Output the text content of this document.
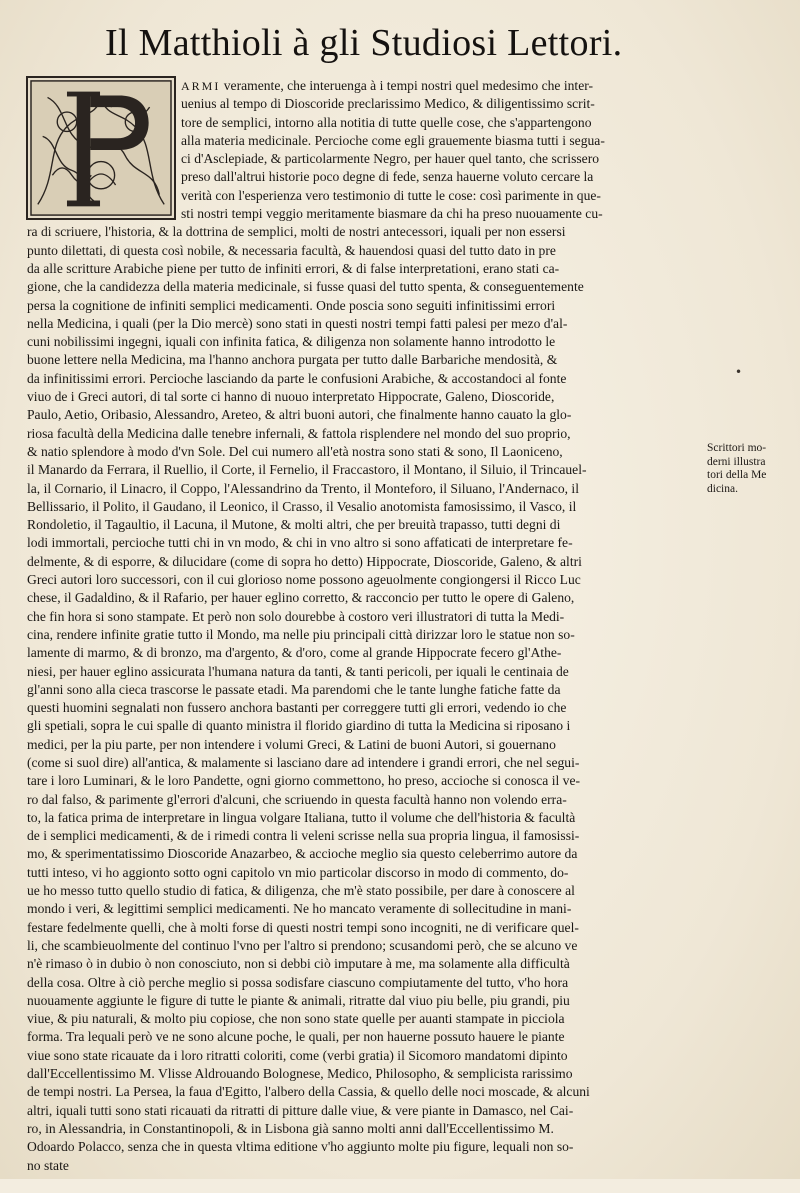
Il Matthioli à gli Studiosi Lettori.
ARMI veramente, che interuenga à i tempi nostri quel medesimo che inter-
uenius al tempo di Dioscoride preclarissimo Medico, & diligentissimo scrit-
tore de semplici, intorno alla notitia di tutte quelle cose, che s'appartengono
alla materia medicinale. Percioche come egli grauemente biasma tutti i segua-
ci d'Asclepiade, & particolarmente Negro, per hauer quel tanto, che scrissero
preso dall'altrui historie poco degne di fede, senza hauerne voluto cercare la
verità con l'esperienza vero testimonio di tutte le cose: così parimente in que-
sti nostri tempi veggio meritamente biasmare da chi ha preso nuouamente cu-
ra di scriuere, l'historia, & la dottrina de semplici, molti de nostri antecessori, iquali per non essersi
punto dilettati, di questa così nobile, & necessaria facultà, & hauendosi quasi del tutto dato in pre
da alle scritture Arabiche piene per tutto de infiniti errori, & di false interpretationi, erano stati ca-
gione, che la candidezza della materia medicinale, si fusse quasi del tutto spenta, & conseguentemente
persa la cognitione de infiniti semplici medicamenti. Onde poscia sono seguiti infinitissimi errori
nella Medicina, i quali (per la Dio mercè) sono stati in questi nostri tempi fatti palesi per mezo d'al-
cuni nobilissimi ingegni, iquali con infinita fatica, & diligenza non solamente hanno introdotto le
buone lettere nella Medicina, ma l'hanno anchora purgata per tutto dalle Barbariche mendosità, &
da infinitissimi errori. Percioche lasciando da parte le confusioni Arabiche, & accostandoci al fonte
viuo de i Greci autori, di tal sorte ci hanno di nuouo interpretato Hippocrate, Galeno, Dioscoride,
Paulo, Aetio, Oribasio, Alessandro, Areteo, & altri buoni autori, che finalmente hanno cauato la glo-
riosa facultà della Medicina dalle tenebre infernali, & fattola risplendere nel mondo del suo proprio,
& natio splendore à modo d'vn Sole. Del cui numero all'età nostra sono stati & sono, Il Laoniceno,
il Manardo da Ferrara, il Ruellio, il Corte, il Fernelio, il Fraccastoro, il Montano, il Siluio, il Trincauel-
la, il Cornario, il Linacro, il Coppo, l'Alessandrino da Trento, il Monteforo, il Siluano, l'Andernaco, il
Bellissario, il Polito, il Gaudano, il Leonico, il Crasso, il Vesalio anotomista famosissimo, il Vasco, il
Rondoletio, il Tagaultio, il Lacuna, il Mutone, & molti altri, che per breuità trapasso, tutti degni di
lodi immortali, percioche tutti chi in vn modo, & chi in vno altro si sono affaticati de interpretare fe-
delmente, & di esporre, & dilucidare (come di sopra ho detto) Hippocrate, Dioscoride, Galeno, & altri
Greci autori loro successori, con il cui glorioso nome possono ageuolmente congiongersi il Ricco Luc
chese, il Gadaldino, & il Rafario, per hauer eglino corretto, & racconcio per tutto le opere di Galeno,
che fin hora si sono stampate. Et però non solo dourebbe à costoro veri illustratori di tutta la Medi-
cina, rendere infinite gratie tutto il Mondo, ma nelle piu principali città dirizzar loro le statue non so-
lamente di marmo, & di bronzo, ma d'argento, & d'oro, come al grande Hippocrate fecero gl'Athe-
niesi, per hauer eglino assicurata l'humana natura da tanti, & tanti pericoli, per iquali le centinaia de
gl'anni sono alla cieca trascorse le passate etadi. Ma parendomi che le tante lunghe fatiche fatte da
questi huomini segnalati non fussero anchora bastanti per correggere tutti gli errori, vedendo io che
gli spetiali, sopra le cui spalle di quanto ministra il florido giardino di tutta la Medicina si riposano i
medici, per la piu parte, per non intendere i volumi Greci, & Latini de buoni Autori, si gouernano
(come si suol dire) all'antica, & malamente si lasciano dare ad intendere i grandi errori, che nel segui-
tare i loro Luminari, & le loro Pandette, ogni giorno commettono, ho preso, accioche si conosca il ve-
ro dal falso, & parimente gl'errori d'alcuni, che scriuendo in questa facultà hanno non volendo erra-
to, la fatica prima de interpretare in lingua volgare Italiana, tutto il volume che dell'historia & facultà
de i semplici medicamenti, & de i rimedi contra li veleni scrisse nella sua propria lingua, il famosissi-
mo, & sperimentatissimo Dioscoride Anazarbeo, & accioche meglio sia questo celeberrimo autore da
tutti inteso, vi ho aggionto sotto ogni capitolo vn mio particolar discorso in modo di commento, do-
ue ho messo tutto quello studio di fatica, & diligenza, che m'è stato possibile, per dare à conoscere al
mondo i veri, & legittimi semplici medicamenti. Ne ho mancato veramente di sollecitudine in mani-
festare fedelmente quelli, che à molti forse di questi nostri tempi sono incogniti, ne di verificare quel-
li, che scambieuolmente del continuo l'vno per l'altro si prendono; scusandomi però, che se alcuno ve
n'è rimaso ò in dubio ò non conosciuto, non si debbi ciò imputare à me, ma solamente alla difficultà
della cosa. Oltre à ciò perche meglio si possa sodisfare ciascuno compiutamente del tutto, v'ho hora
nuouamente aggiunte le figure di tutte le piante & animali, ritratte dal viuo piu belle, piu grandi, piu
viue, & piu naturali, & molto piu copiose, che non sono state quelle per auanti stampate in picciola
forma. Tra lequali però ve ne sono alcune poche, le quali, per non hauerne possuto hauere le piante
viue sono state ricauate da i loro ritratti coloriti, come (verbi gratia) il Sicomoro mandatomi dipinto
dall'Eccellentissimo M. Vlisse Aldrouando Bolognese, Medico, Philosopho, & semplicista rarissimo
de tempi nostri. La Persea, la faua d'Egitto, l'albero della Cassia, & quello delle noci moscade, & alcuni
altri, iquali tutti sono stati ricauati da ritratti di pitture dalle viue, & vere piante in Damasco, nel Cai-
ro, in Alessandria, in Constantinopoli, & in Lisbona già sanno molti anni dall'Eccellentissimo M.
Odoardo Polacco, senza che in questa vltima editione v'ho aggiunto molte piu figure, lequali non so-
no state
Scrittori mo-
derni illustra
tori della Me
dicina.
•
